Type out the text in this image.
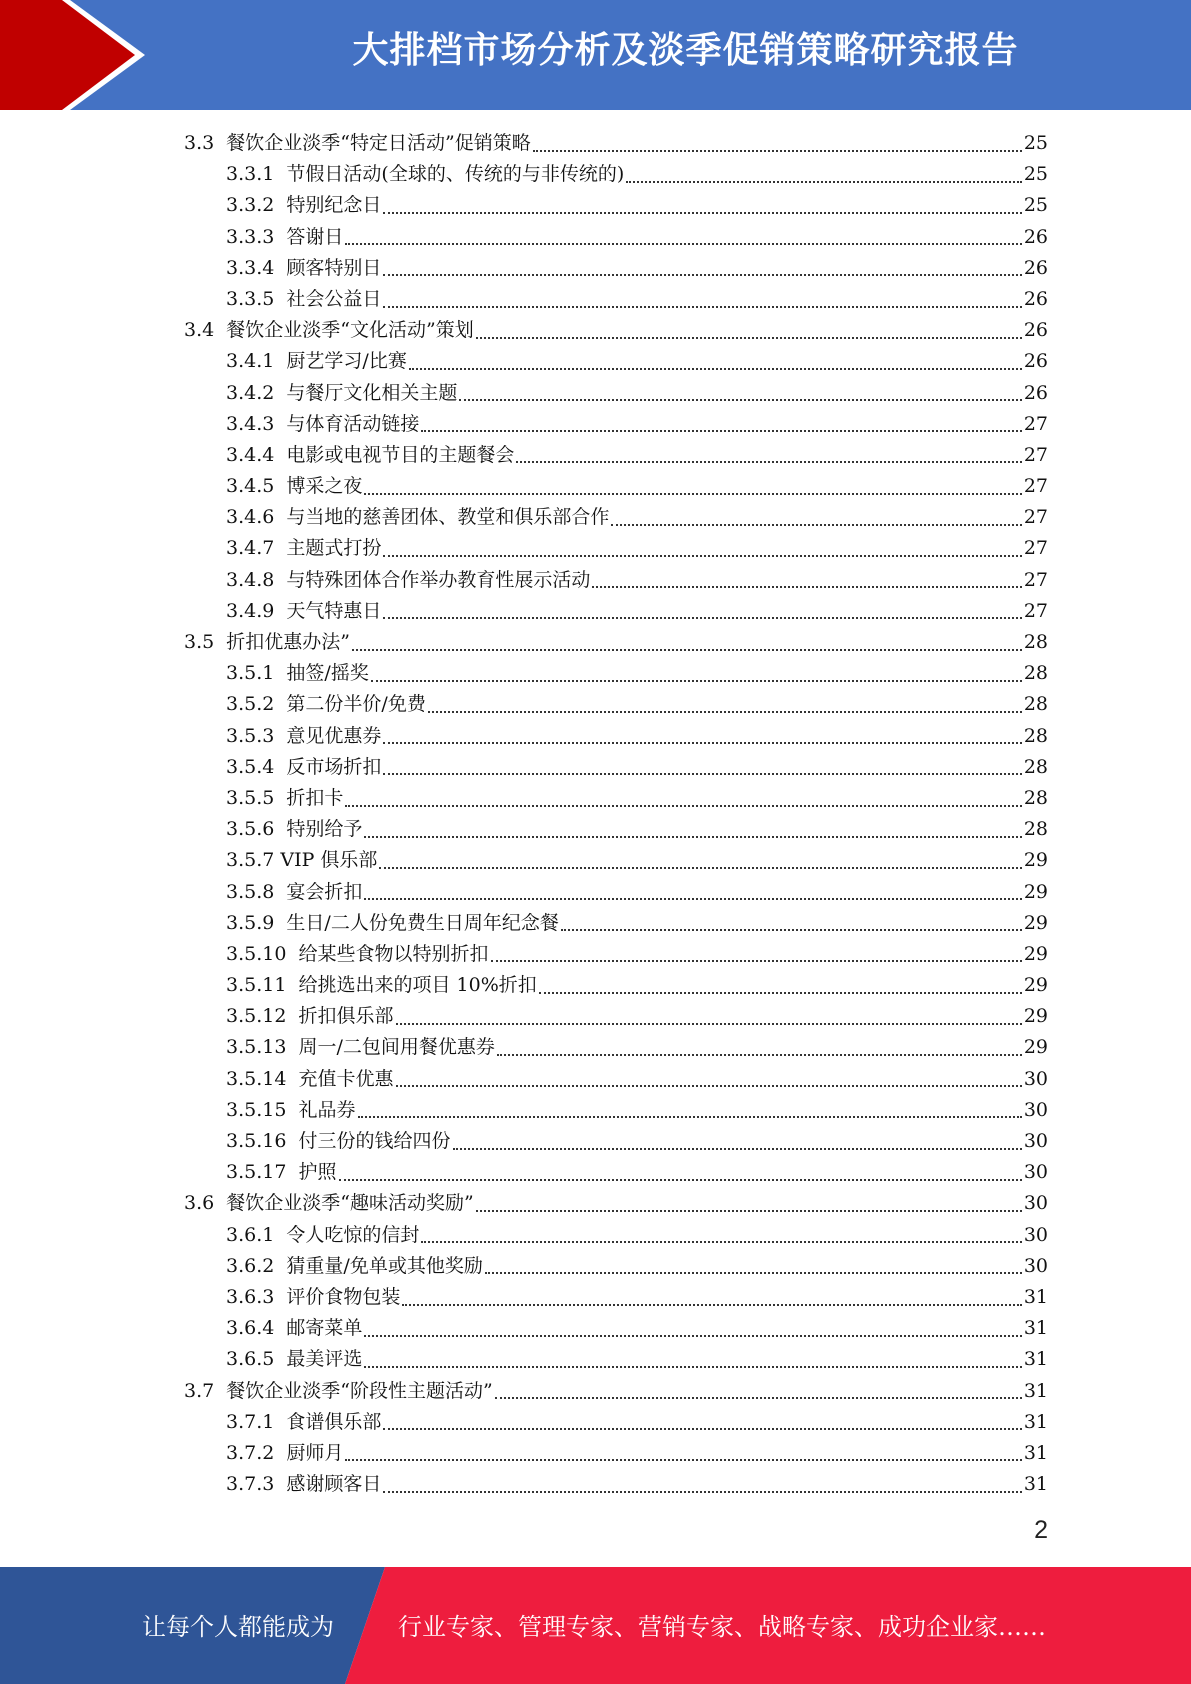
大排档市场分析及淡季促销策略研究报告
3.3  餐饮企业淡季“特定日活动”促销策略	25
3.3.1  节假日活动(全球的、传统的与非传统的)	25
3.3.2  特别纪念日	25
3.3.3  答谢日	26
3.3.4  顾客特别日	26
3.3.5  社会公益日	26
3.4  餐饮企业淡季“文化活动”策划	26
3.4.1  厨艺学习/比赛	26
3.4.2  与餐厅文化相关主题	26
3.4.3  与体育活动链接	27
3.4.4  电影或电视节目的主题餐会	27
3.4.5  博采之夜	27
3.4.6  与当地的慈善团体、教堂和俱乐部合作	27
3.4.7  主题式打扮	27
3.4.8  与特殊团体合作举办教育性展示活动	27
3.4.9  天气特惠日	27
3.5  折扣优惠办法”	28
3.5.1  抽签/摇奖	28
3.5.2  第二份半价/免费	28
3.5.3  意见优惠券	28
3.5.4  反市场折扣	28
3.5.5  折扣卡	28
3.5.6  特别给予	28
3.5.7 VIP 俱乐部	29
3.5.8  宴会折扣	29
3.5.9  生日/二人份免费生日周年纪念餐	29
3.5.10  给某些食物以特别折扣	29
3.5.11  给挑选出来的项目 10%折扣	29
3.5.12  折扣俱乐部	29
3.5.13  周一/二包间用餐优惠券	29
3.5.14  充值卡优惠	30
3.5.15  礼品券	30
3.5.16  付三份的钱给四份	30
3.5.17  护照	30
3.6  餐饮企业淡季“趣味活动奖励”	30
3.6.1  令人吃惊的信封	30
3.6.2  猜重量/免单或其他奖励	30
3.6.3  评价食物包装	31
3.6.4  邮寄菜单	31
3.6.5  最美评选	31
3.7  餐饮企业淡季“阶段性主题活动”	31
3.7.1  食谱俱乐部	31
3.7.2  厨师月	31
3.7.3  感谢顾客日	31
2
让每个人都能成为	行业专家、管理专家、营销专家、战略专家、成功企业家……
